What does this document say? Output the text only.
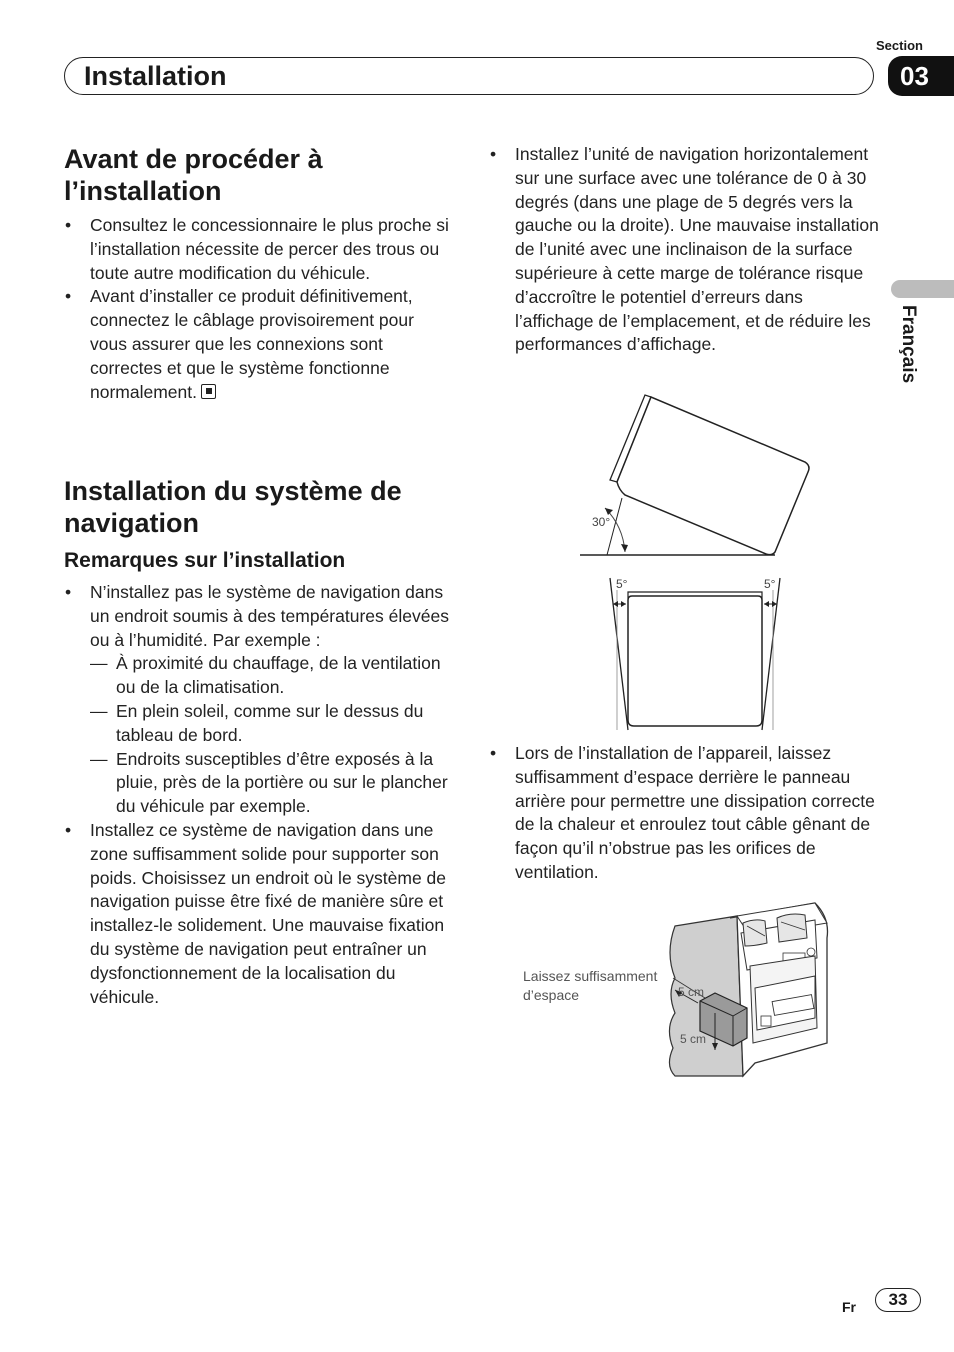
Section
03
Installation
Français
Avant de procéder à
l’installation
• Consultez le concessionnaire le plus proche si l’installation nécessite de percer des trous ou toute autre modification du véhicule.
• Avant d’installer ce produit définitivement, connectez le câblage provisoirement pour vous assurer que les connexions sont correctes et que le système fonctionne normalement.
Installation du système de
navigation
Remarques sur l’installation
• N’installez pas le système de navigation dans un endroit soumis à des températures élevées ou à l’humidité. Par exemple :
— À proximité du chauffage, de la ventilation ou de la climatisation.
— En plein soleil, comme sur le dessus du tableau de bord.
— Endroits susceptibles d’être exposés à la pluie, près de la portière ou sur le plancher du véhicule par exemple.
• Installez ce système de navigation dans une zone suffisamment solide pour supporter son poids. Choisissez un endroit où le système de navigation puisse être fixé de manière sûre et installez-le solidement. Une mauvaise fixation du système de navigation peut entraîner un dysfonctionnement de la localisation du véhicule.
• Installez l’unité de navigation horizontalement sur une surface avec une tolérance de 0 à 30 degrés (dans une plage de 5 degrés vers la gauche ou la droite). Une mauvaise installation de l’unité avec une inclinaison de la surface supérieure à cette marge de tolérance risque d’accroître le potentiel d’erreurs dans l’affichage de l’emplacement, et de réduire les performances d’affichage.
30°
5°	5°
• Lors de l’installation de l’appareil, laissez suffisamment d’espace derrière le panneau arrière pour permettre une dissipation correcte de la chaleur et enroulez tout câble gênant de façon qu’il n’obstrue pas les orifices de ventilation.
Laissez suffisamment
d’espace	5 cm
5 cm
Fr	33
